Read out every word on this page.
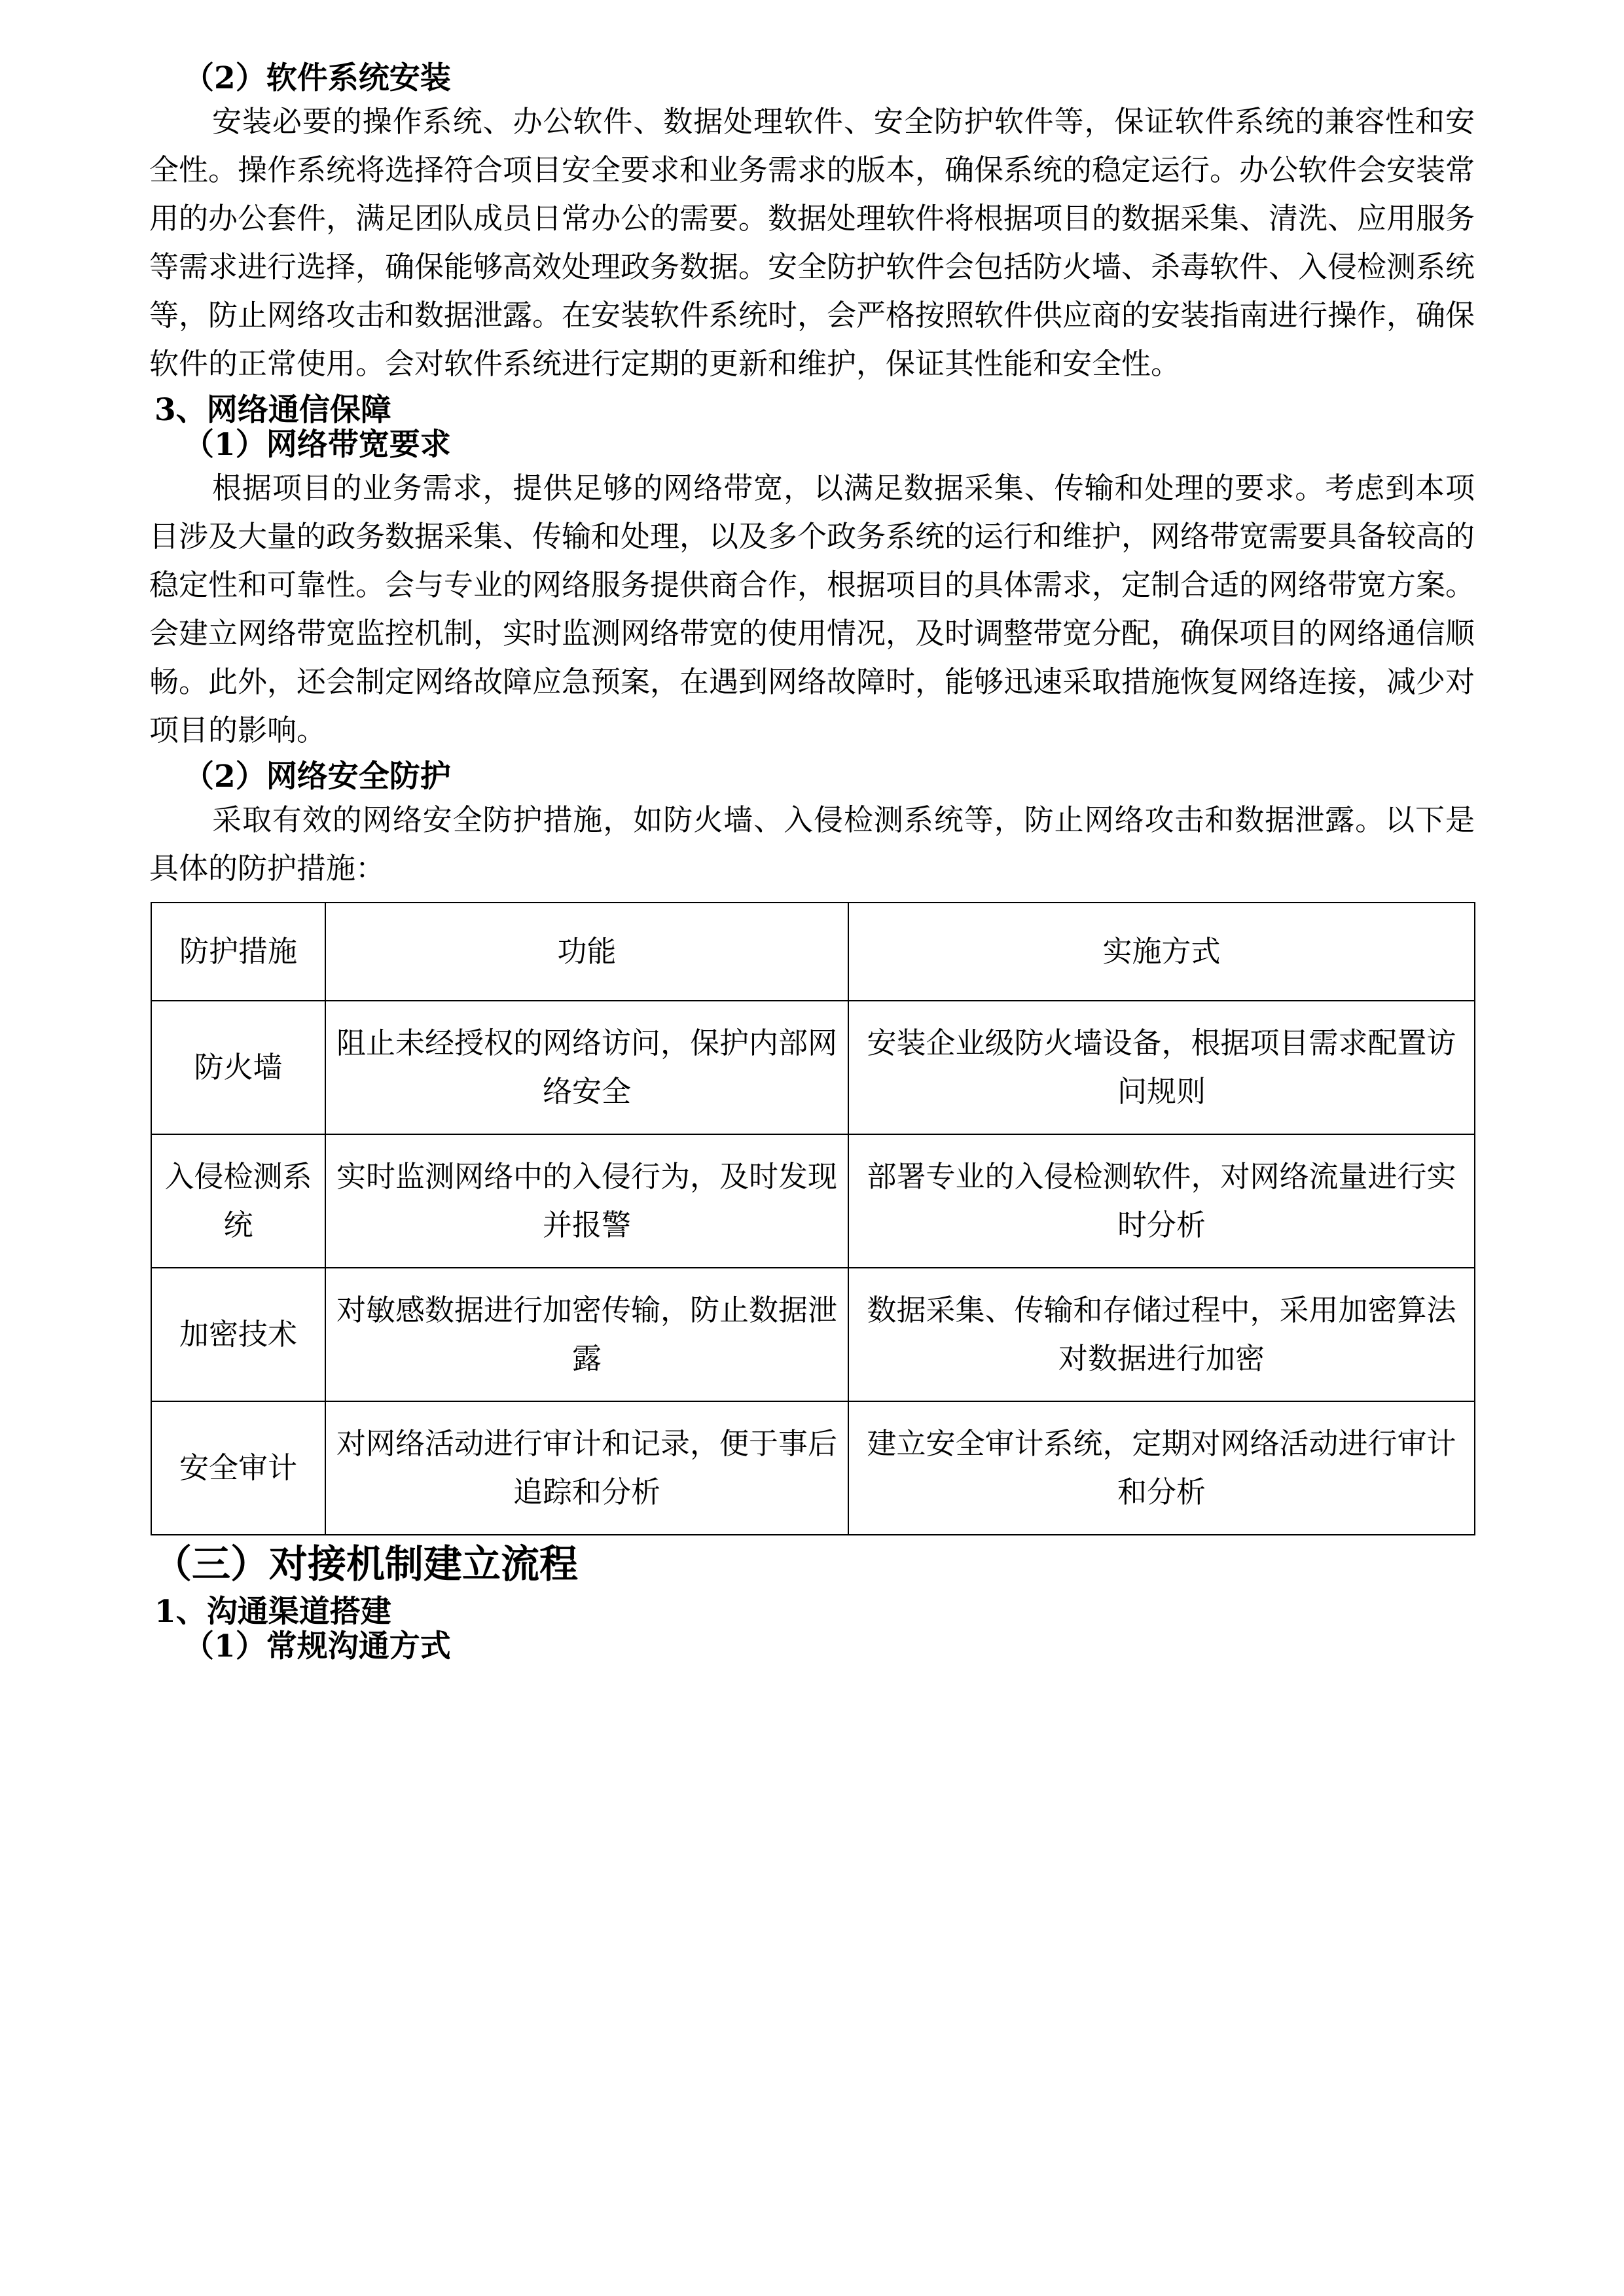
（2）软件系统安装

安装必要的操作系统、办公软件、数据处理软件、安全防护软件等，保证软件系统的兼容性和安全性。操作系统将选择符合项目安全要求和业务需求的版本，确保系统的稳定运行。办公软件会安装常用的办公套件，满足团队成员日常办公的需要。数据处理软件将根据项目的数据采集、清洗、应用服务等需求进行选择，确保能够高效处理政务数据。安全防护软件会包括防火墙、杀毒软件、入侵检测系统等，防止网络攻击和数据泄露。在安装软件系统时，会严格按照软件供应商的安装指南进行操作，确保软件的正常使用。会对软件系统进行定期的更新和维护，保证其性能和安全性。

3、网络通信保障
（1）网络带宽要求

根据项目的业务需求，提供足够的网络带宽，以满足数据采集、传输和处理的要求。考虑到本项目涉及大量的政务数据采集、传输和处理，以及多个政务系统的运行和维护，网络带宽需要具备较高的稳定性和可靠性。会与专业的网络服务提供商合作，根据项目的具体需求，定制合适的网络带宽方案。会建立网络带宽监控机制，实时监测网络带宽的使用情况，及时调整带宽分配，确保项目的网络通信顺畅。此外，还会制定网络故障应急预案，在遇到网络故障时，能够迅速采取措施恢复网络连接，减少对项目的影响。

（2）网络安全防护

采取有效的网络安全防护措施，如防火墙、入侵检测系统等，防止网络攻击和数据泄露。以下是具体的防护措施：

防护措施	功能	实施方式
防火墙	阻止未经授权的网络访问，保护内部网络安全	安装企业级防火墙设备，根据项目需求配置访问规则
入侵检测系统	实时监测网络中的入侵行为，及时发现并报警	部署专业的入侵检测软件，对网络流量进行实时分析
加密技术	对敏感数据进行加密传输，防止数据泄露	数据采集、传输和存储过程中，采用加密算法对数据进行加密
安全审计	对网络活动进行审计和记录，便于事后追踪和分析	建立安全审计系统，定期对网络活动进行审计和分析
（三）对接机制建立流程
1、沟通渠道搭建
（1）常规沟通方式
